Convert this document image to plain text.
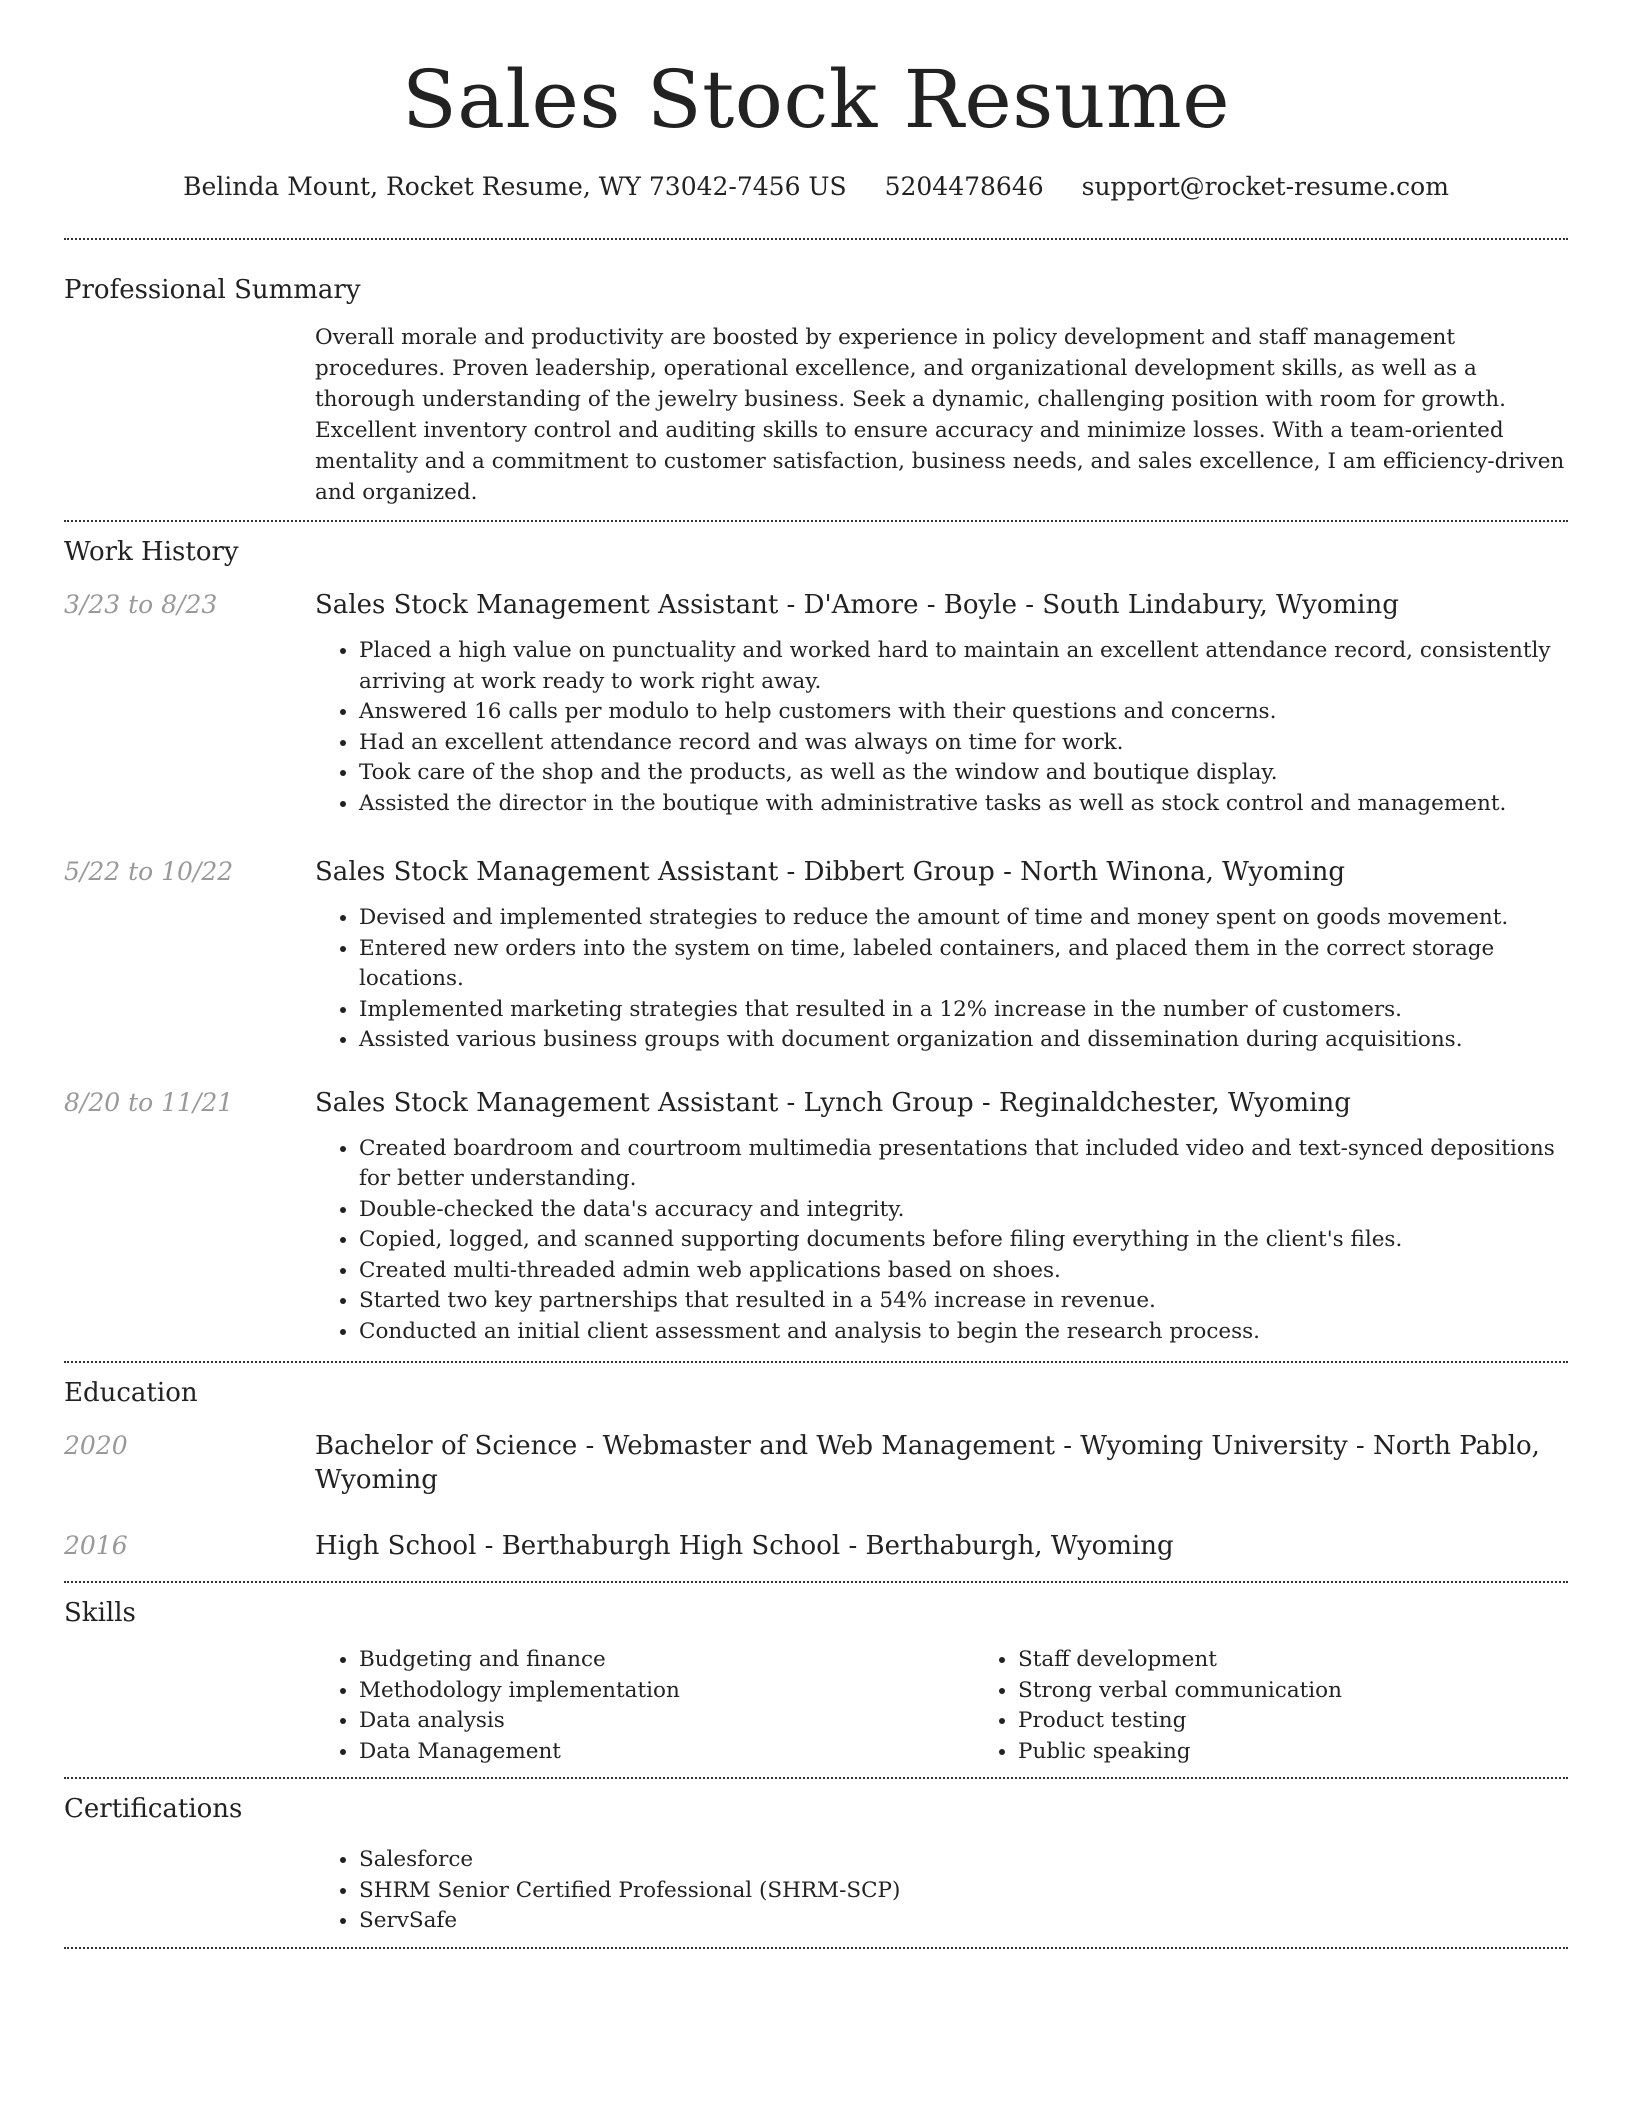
Sales Stock Resume
Belinda Mount, Rocket Resume, WY 73042-7456 US 5204478646 support@rocket-resume.com
Professional Summary

Overall morale and productivity are boosted by experience in policy development and staff management procedures. Proven leadership, operational excellence, and organizational development skills, as well as a thorough understanding of the jewelry business. Seek a dynamic, challenging position with room for growth. Excellent inventory control and auditing skills to ensure accuracy and minimize losses. With a team-oriented mentality and a commitment to customer satisfaction, business needs, and sales excellence, I am efficiency-driven and organized.

Work History
3/23 to 8/23	Sales Stock Management Assistant - D'Amore - Boyle - South Lindabury, Wyoming
• Placed a high value on punctuality and worked hard to maintain an excellent attendance record, consistently arriving at work ready to work right away.
• Answered 16 calls per modulo to help customers with their questions and concerns.
• Had an excellent attendance record and was always on time for work.
• Took care of the shop and the products, as well as the window and boutique display.
• Assisted the director in the boutique with administrative tasks as well as stock control and management.
5/22 to 10/22	Sales Stock Management Assistant - Dibbert Group - North Winona, Wyoming
• Devised and implemented strategies to reduce the amount of time and money spent on goods movement.
• Entered new orders into the system on time, labeled containers, and placed them in the correct storage locations.
• Implemented marketing strategies that resulted in a 12% increase in the number of customers.
• Assisted various business groups with document organization and dissemination during acquisitions.
8/20 to 11/21	Sales Stock Management Assistant - Lynch Group - Reginaldchester, Wyoming
• Created boardroom and courtroom multimedia presentations that included video and text-synced depositions for better understanding.
• Double-checked the data's accuracy and integrity.
• Copied, logged, and scanned supporting documents before filing everything in the client's files.
• Created multi-threaded admin web applications based on shoes.
• Started two key partnerships that resulted in a 54% increase in revenue.
• Conducted an initial client assessment and analysis to begin the research process.
Education
2020	Bachelor of Science - Webmaster and Web Management - Wyoming University - North Pablo, Wyoming
2016	High School - Berthaburgh High School - Berthaburgh, Wyoming
Skills
• Budgeting and finance
• Methodology implementation
• Data analysis
• Data Management
• Staff development
• Strong verbal communication
• Product testing
• Public speaking
Certifications
• Salesforce
• SHRM Senior Certified Professional (SHRM-SCP)
• ServSafe
